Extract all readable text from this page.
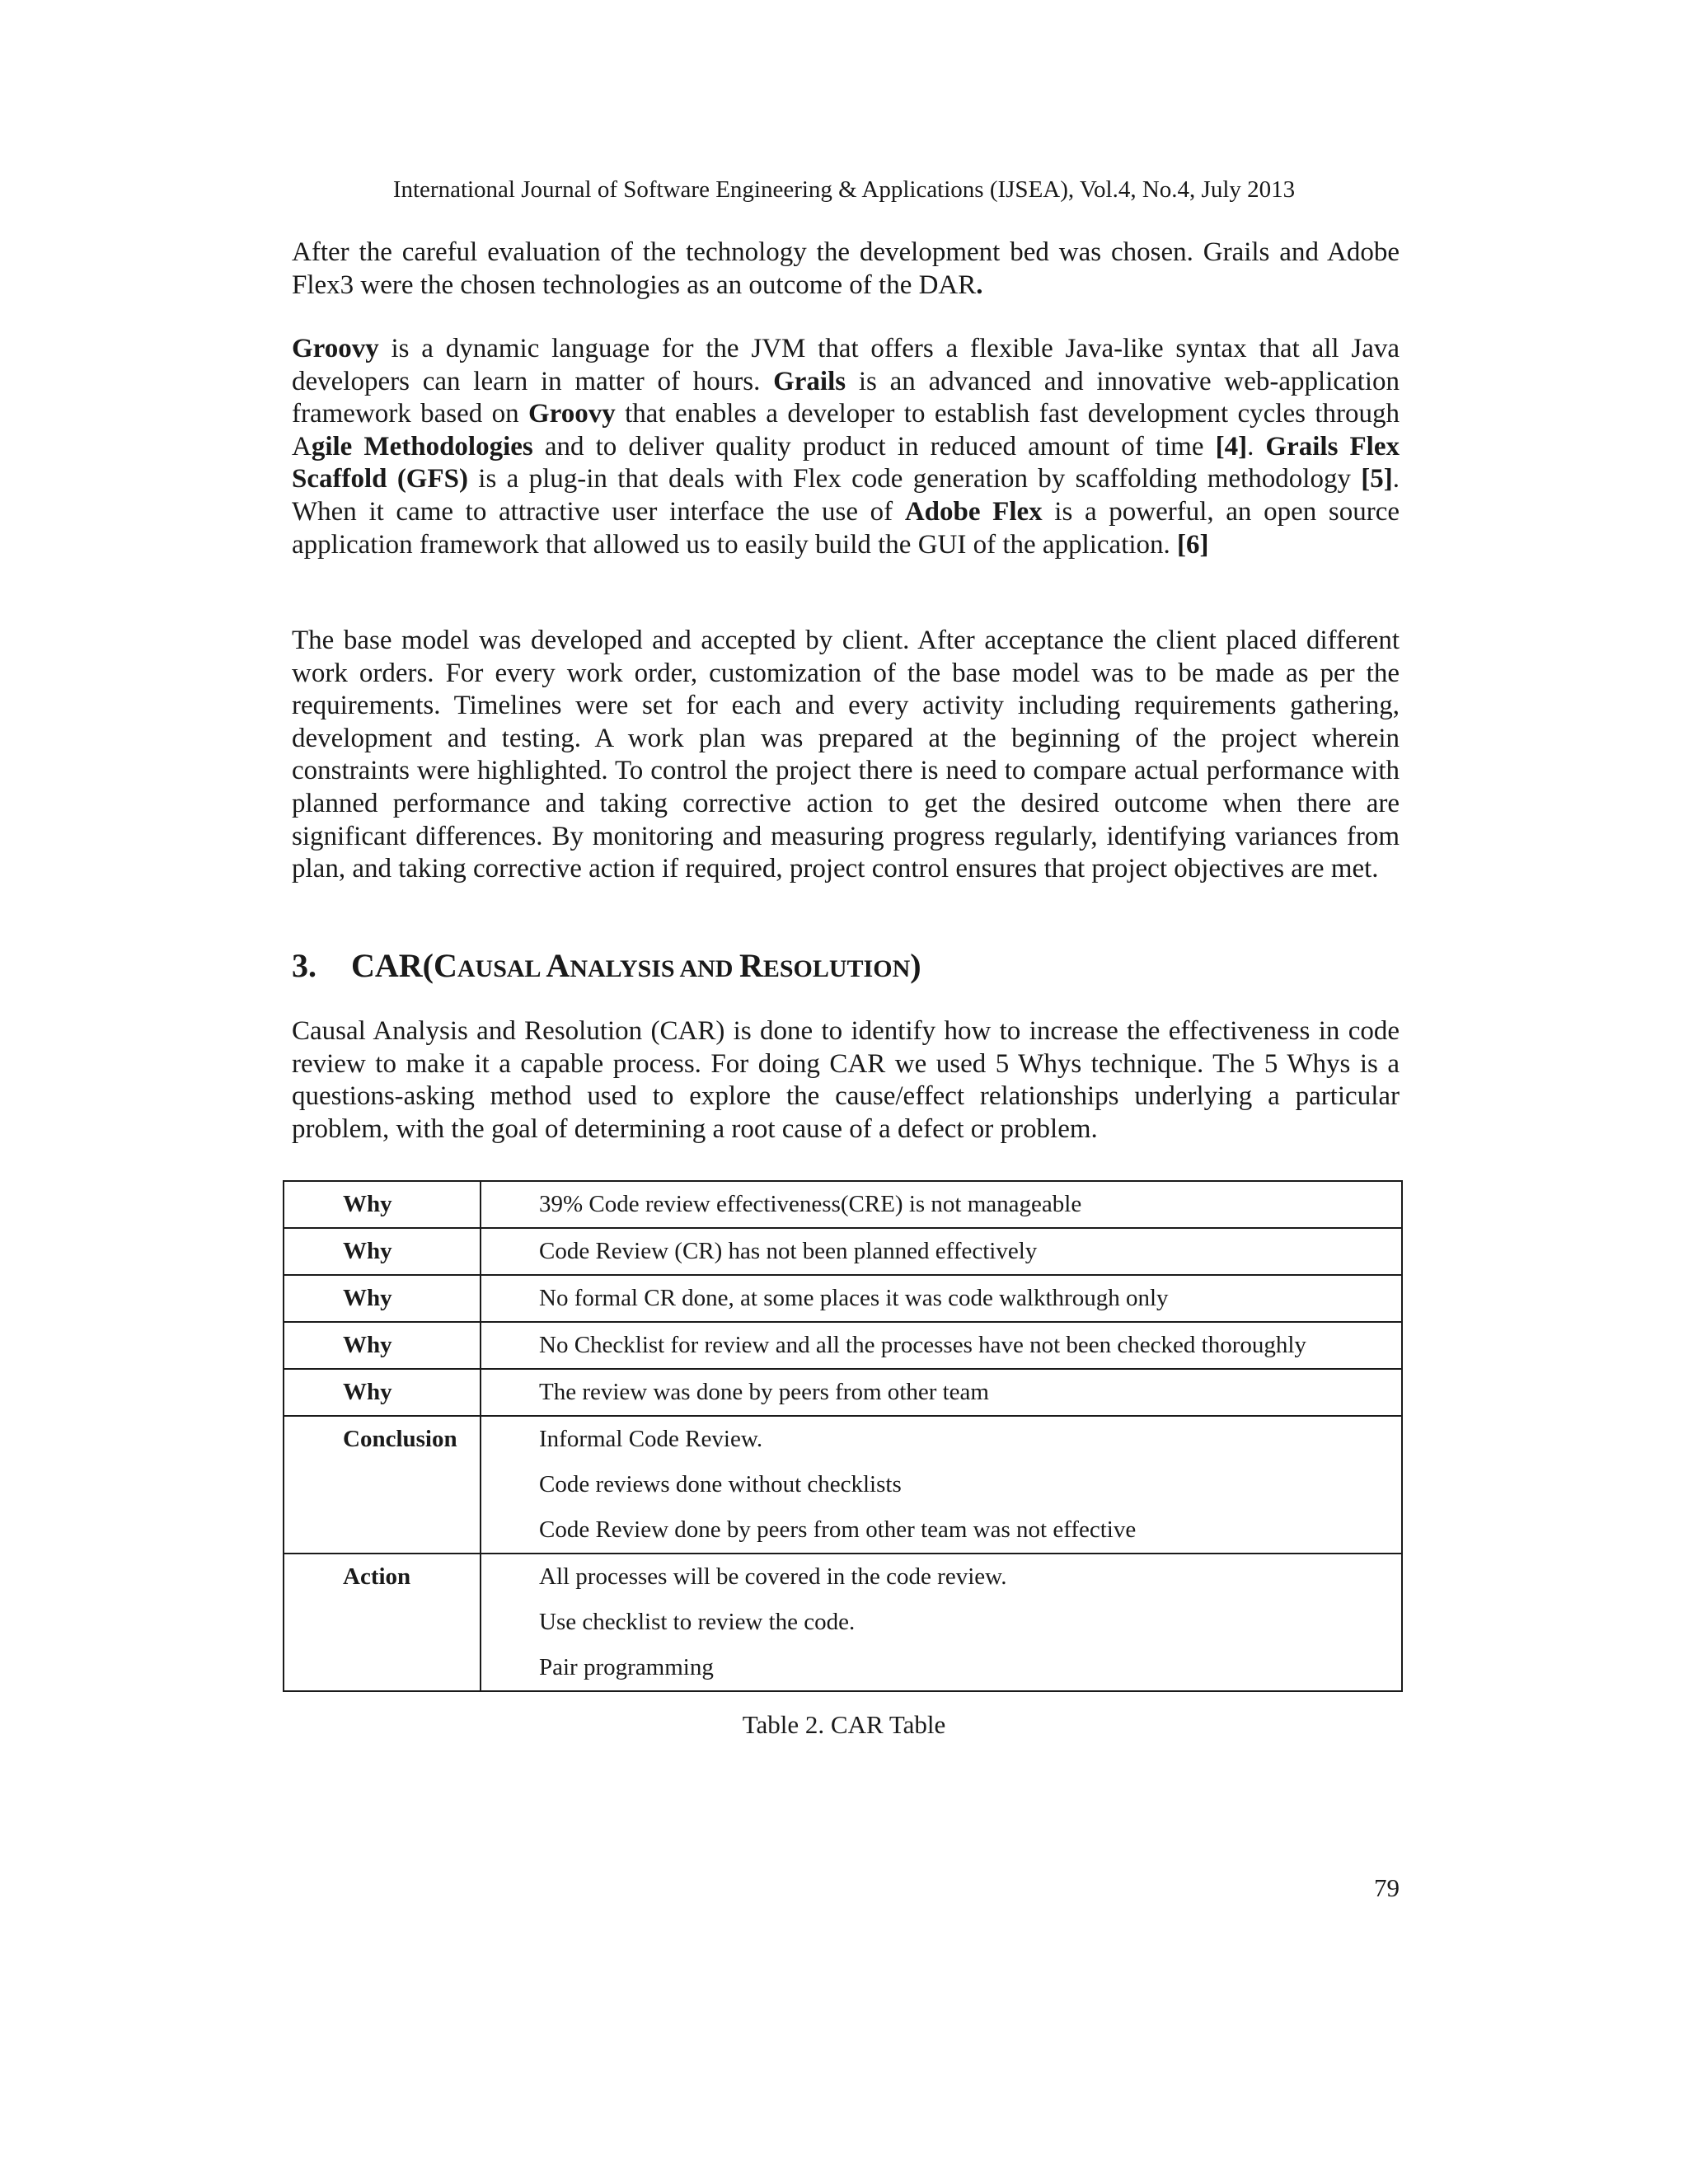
International Journal of Software Engineering & Applications (IJSEA), Vol.4, No.4, July 2013

After the careful evaluation of the technology the development bed was chosen. Grails and Adobe Flex3 were the chosen technologies as an outcome of the DAR.

Groovy is a dynamic language for the JVM that offers a flexible Java-like syntax that all Java developers can learn in matter of hours. Grails is an advanced and innovative web-application framework based on Groovy that enables a developer to establish fast development cycles through Agile Methodologies and to deliver quality product in reduced amount of time [4]. Grails Flex Scaffold (GFS) is a plug-in that deals with Flex code generation by scaffolding methodology [5]. When it came to attractive user interface the use of Adobe Flex is a powerful, an open source application framework that allowed us to easily build the GUI of the application. [6]

The base model was developed and accepted by client. After acceptance the client placed different work orders. For every work order, customization of the base model was to be made as per the requirements. Timelines were set for each and every activity including requirements gathering, development and testing. A work plan was prepared at the beginning of the project wherein constraints were highlighted. To control the project there is need to compare actual performance with planned performance and taking corrective action to get the desired outcome when there are significant differences. By monitoring and measuring progress regularly, identifying variances from plan, and taking corrective action if required, project control ensures that project objectives are met.

3. CAR(CAUSAL ANALYSIS AND RESOLUTION)

Causal Analysis and Resolution (CAR) is done to identify how to increase the effectiveness in code review to make it a capable process. For doing CAR we used 5 Whys technique. The 5 Whys is a questions-asking method used to explore the cause/effect relationships underlying a particular problem, with the goal of determining a root cause of a defect or problem.

Why	39% Code review effectiveness(CRE) is not manageable

Why	Code Review (CR) has not been planned effectively

Why	No formal CR done, at some places it was code walkthrough only

Why	No Checklist for review and all the processes have not been checked thoroughly

Why	The review was done by peers from other team

Conclusion	Informal Code Review.
Code reviews done without checklists
Code Review done by peers from other team was not effective

Action	All processes will be covered in the code review.
Use checklist to review the code.
Pair programming
Table 2. CAR Table
79
